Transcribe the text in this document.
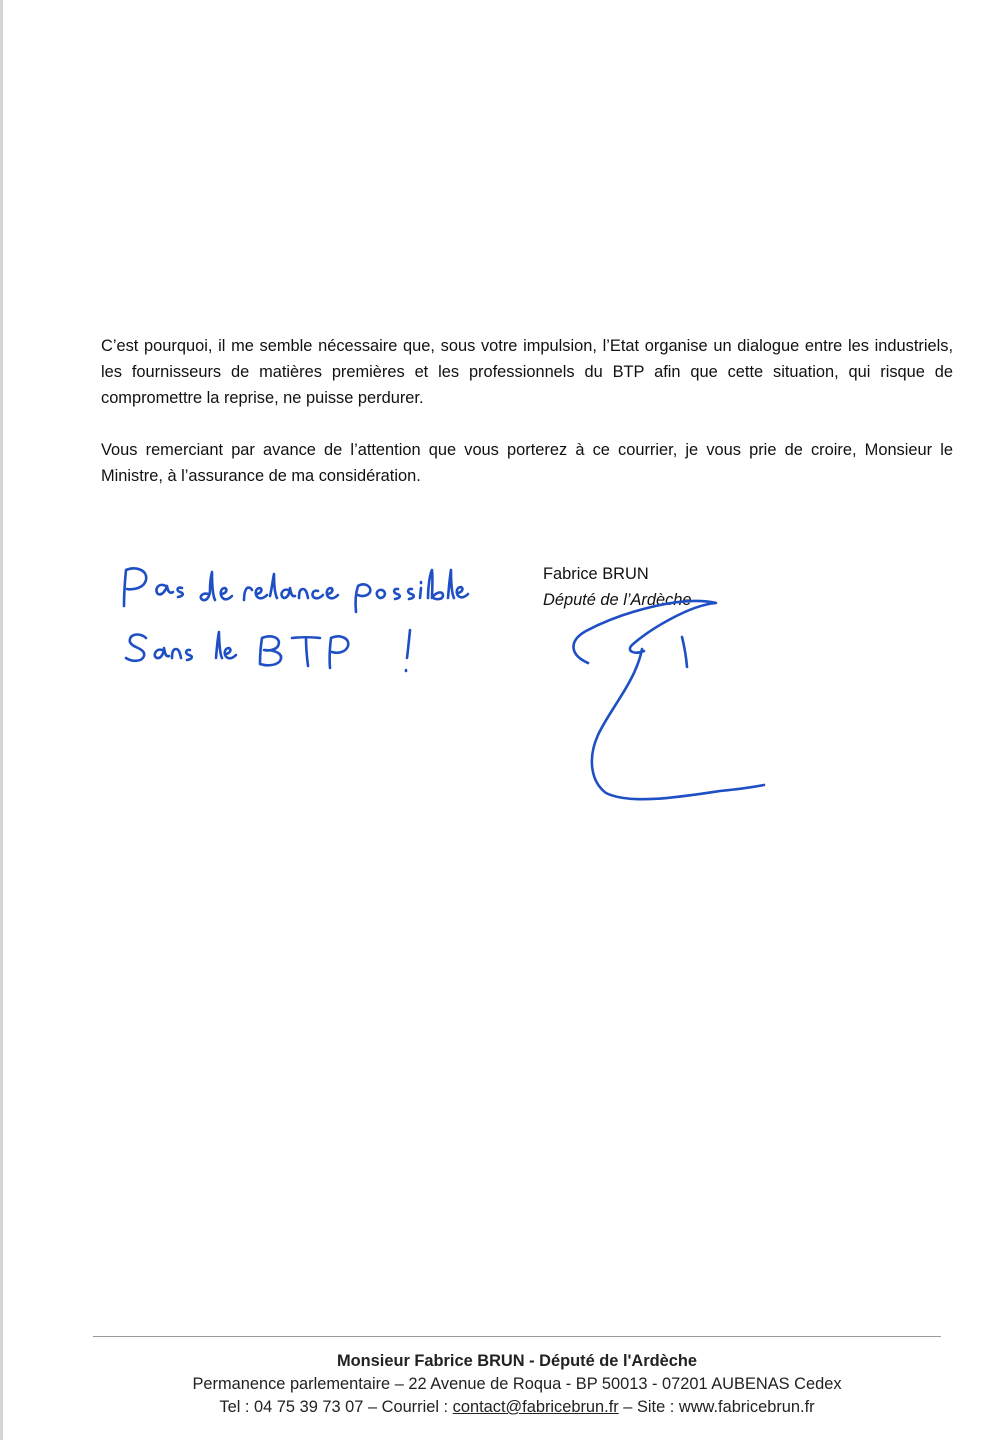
C’est pourquoi, il me semble nécessaire que, sous votre impulsion, l’Etat organise un dialogue entre les industriels, les fournisseurs de matières premières et les professionnels du BTP afin que cette situation, qui risque de compromettre la reprise, ne puisse perdurer.

Vous remerciant par avance de l’attention que vous porterez à ce courrier, je vous prie de croire, Monsieur le Ministre, à l’assurance de ma considération.

Fabrice BRUN
Député de l’Ardèche
Monsieur Fabrice BRUN - Député de l'Ardèche
Permanence parlementaire – 22 Avenue de Roqua - BP 50013 - 07201 AUBENAS Cedex
Tel : 04 75 39 73 07 – Courriel : contact@fabricebrun.fr – Site : www.fabricebrun.fr
